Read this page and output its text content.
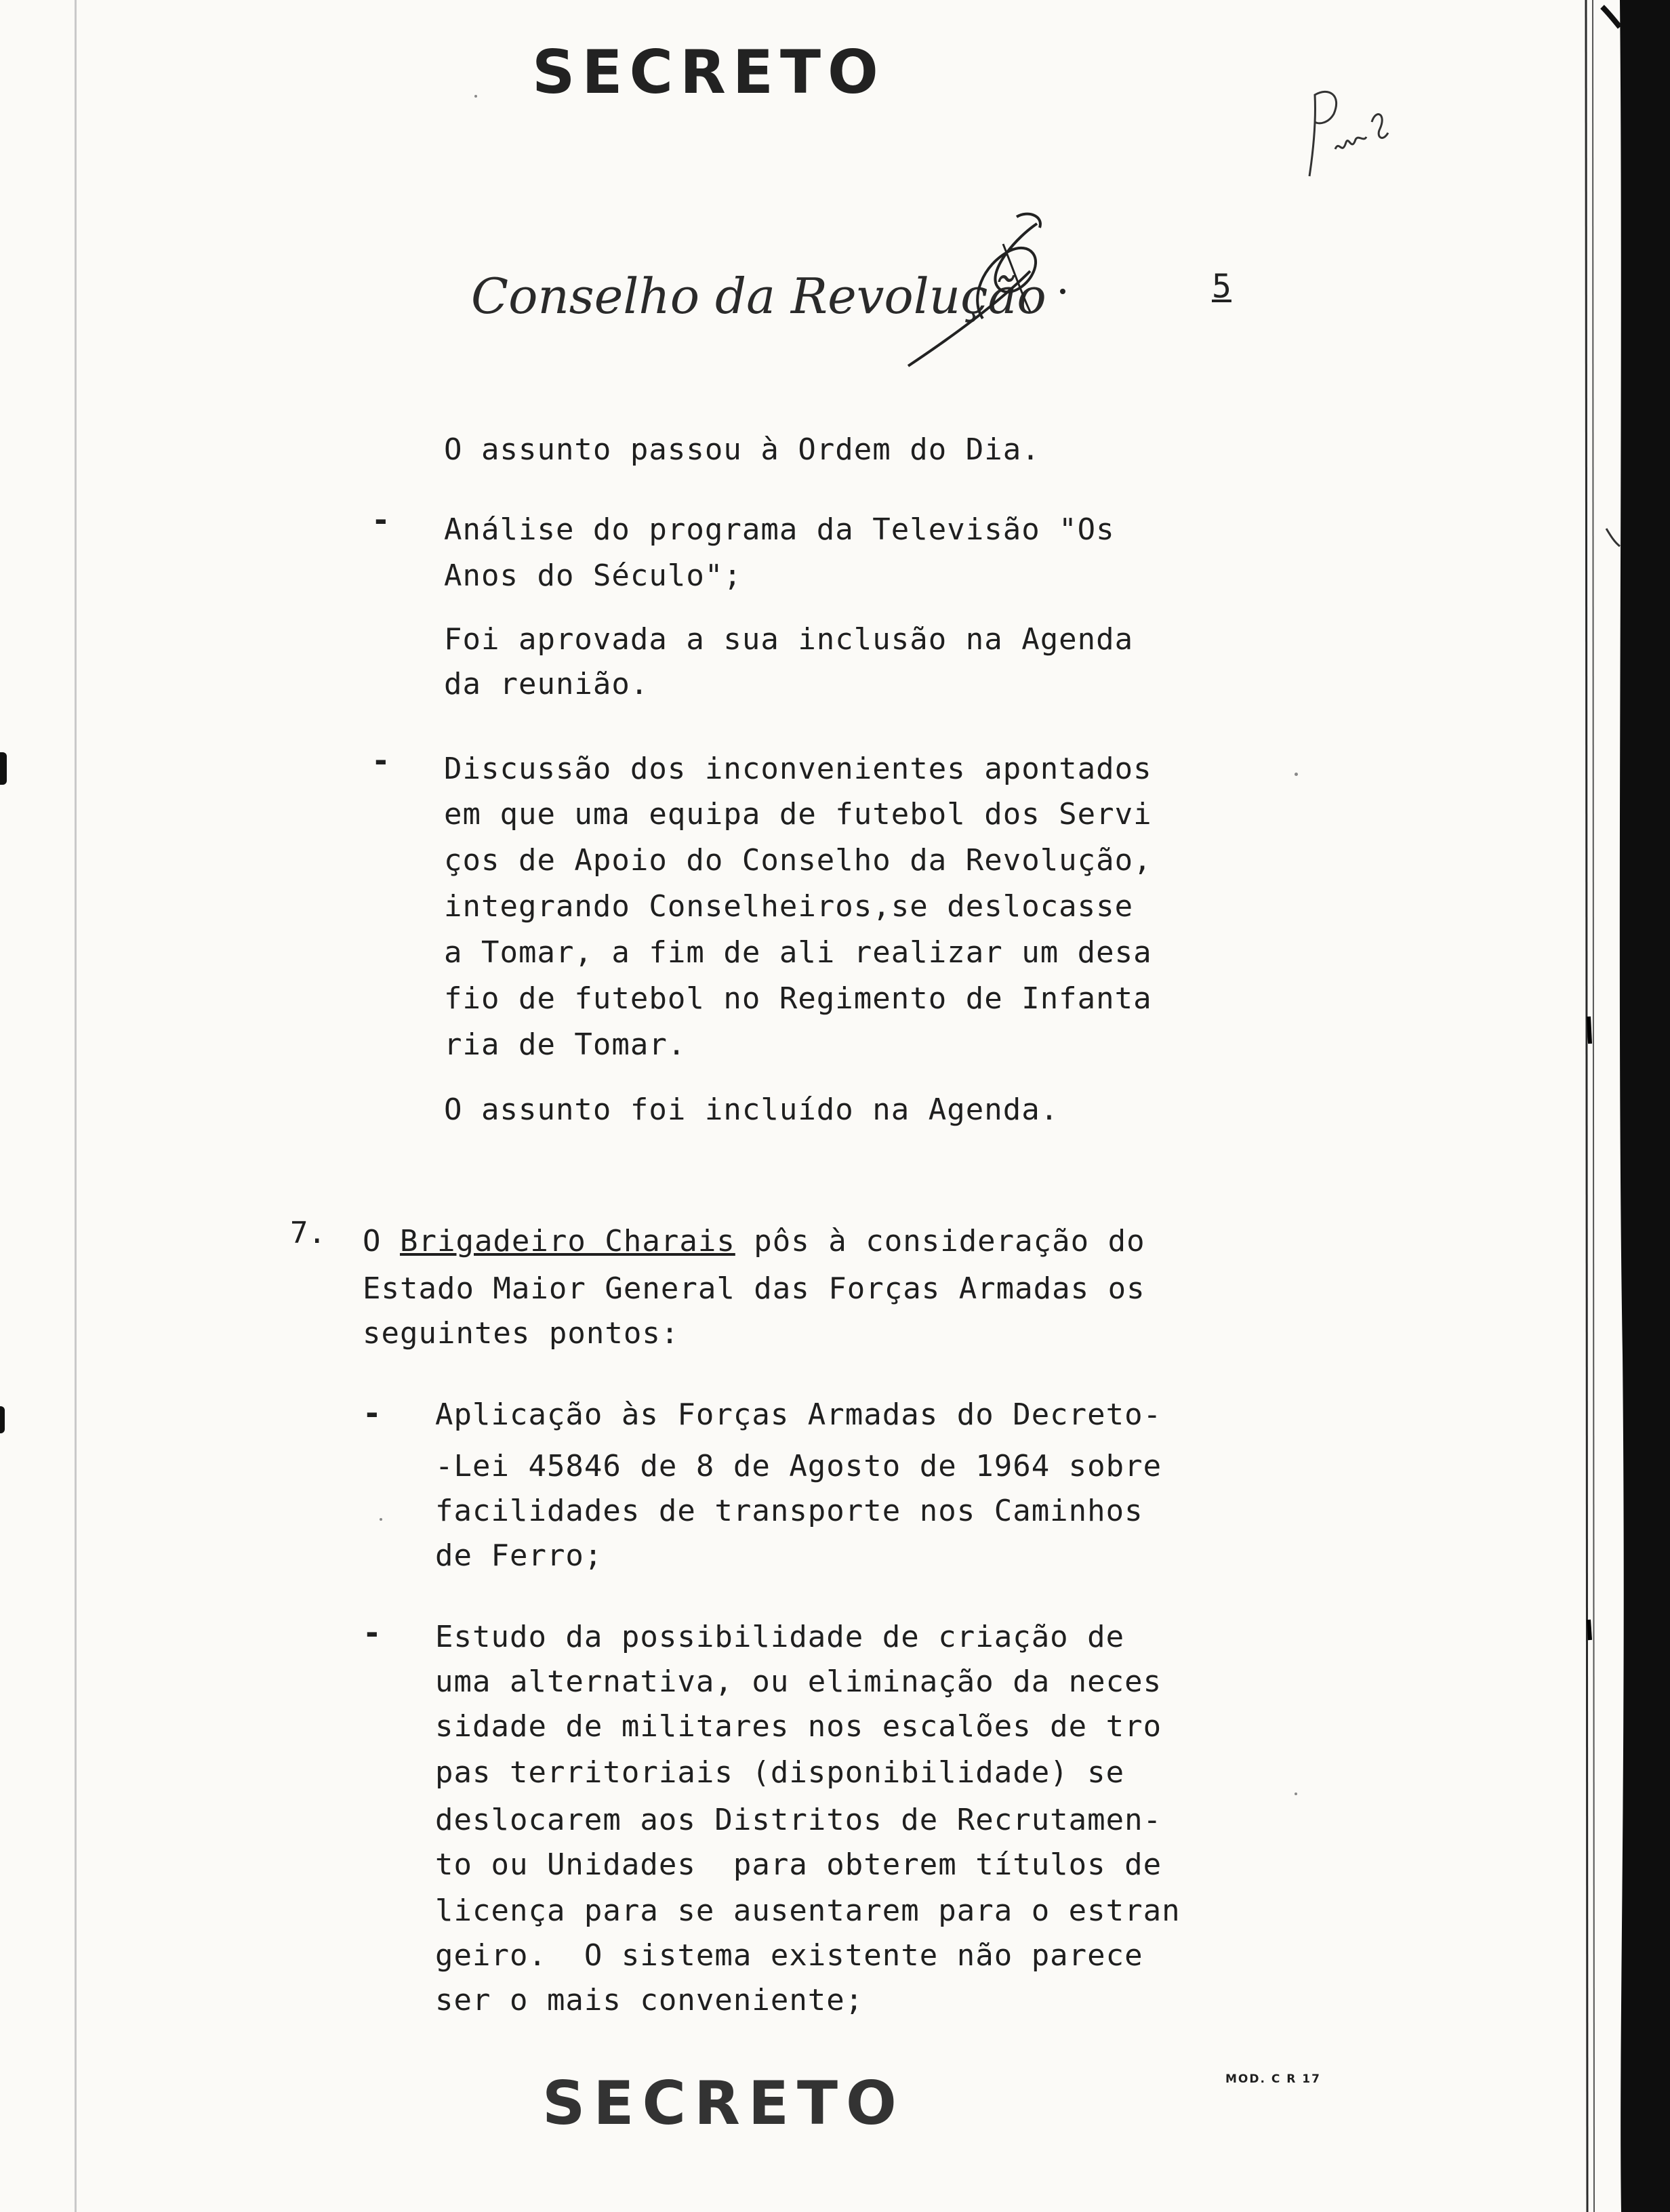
SECRETO
Conselho da Revolução	5
O assunto passou à Ordem do Dia.
- Análise do programa da Televisão "Os
Anos do Século";
Foi aprovada a sua inclusão na Agenda
da reunião.
- Discussão dos inconvenientes apontados
em que uma equipa de futebol dos Servi
ços de Apoio do Conselho da Revolução,
integrando Conselheiros,se deslocasse
a Tomar, a fim de ali realizar um desa
fio de futebol no Regimento de Infanta
ria de Tomar.
O assunto foi incluído na Agenda.
7. O Brigadeiro Charais pôs à consideração do
Estado Maior General das Forças Armadas os
seguintes pontos:
- Aplicação às Forças Armadas do Decreto-
-Lei 45846 de 8 de Agosto de 1964 sobre
facilidades de transporte nos Caminhos
de Ferro;
- Estudo da possibilidade de criação de
uma alternativa, ou eliminação da neces
sidade de militares nos escalões de tro
pas territoriais (disponibilidade) se
deslocarem aos Distritos de Recrutamen-
to ou Unidades  para obterem títulos de
licença para se ausentarem para o estran
geiro.  O sistema existente não parece
ser o mais conveniente;
SECRETO	MOD. C R 17
